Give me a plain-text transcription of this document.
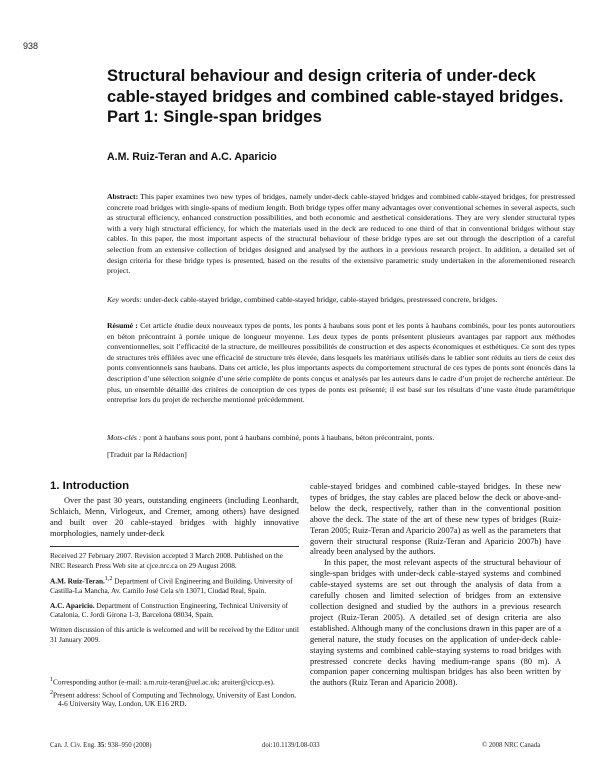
938
Structural behaviour and design criteria of under-deck cable-stayed bridges and combined cable-stayed bridges. Part 1: Single-span bridges
A.M. Ruiz-Teran and A.C. Aparicio

Abstract: This paper examines two new types of bridges, namely under-deck cable-stayed bridges and combined cable-stayed bridges, for prestressed concrete road bridges with single-spans of medium length. Both bridge types offer many advantages over conventional schemes in several aspects, such as structural efficiency, enhanced construction possibilities, and both economic and aesthetical considerations. They are very slender structural types with a very high structural efficiency, for which the materials used in the deck are reduced to one third of that in conventional bridges without stay cables. In this paper, the most important aspects of the structural behaviour of these bridge types are set out through the description of a careful selection from an extensive collection of bridges designed and analysed by the authors in a previous research project. In addition, a detailed set of design criteria for these bridge types is presented, based on the results of the extensive parametric study undertaken in the aforementioned research project.

Key words: under-deck cable-stayed bridge, combined cable-stayed bridge, cable-stayed bridges, prestressed concrete, bridges.

Résumé : Cet article étudie deux nouveaux types de ponts, les ponts à haubans sous pont et les ponts à haubans combinés, pour les ponts autoroutiers en béton précontraint à portée unique de longueur moyenne. Les deux types de ponts présentent plusieurs avantages par rapport aux méthodes conventionnelles, soit l’efficacité de la structure, de meilleures possibilités de construction et des aspects économiques et esthétiques. Ce sont des types de structures très effilées avec une efficacité de structure très élevée, dans lesquels les matériaux utilisés dans le tablier sont réduits au tiers de ceux des ponts conventionnels sans haubans. Dans cet article, les plus importants aspects du comportement structural de ces types de ponts sont énoncés dans la description d’une sélection soignée d’une série complète de ponts conçus et analysés par les auteurs dans le cadre d’un projet de recherche antérieur. De plus, un ensemble détaillé des critères de conception de ces types de ponts est présenté; il est basé sur les résultats d’une vaste étude paramétrique entreprise lors du projet de recherche mentionné précédemment.

Mots-clés : pont à haubans sous pont, pont à haubans combiné, ponts à haubans, béton précontraint, ponts.

[Traduit par la Rédaction]
1. Introduction

Over the past 30 years, outstanding engineers (including Leonhardt, Schlaich, Menn, Virlogeux, and Cremer, among others) have designed and built over 20 cable-stayed bridges with highly innovative morphologies, namely under-deck

Received 27 February 2007. Revision accepted 3 March 2008. Published on the NRC Research Press Web site at cjce.nrc.ca on 29 August 2008.

A.M. Ruiz-Teran.$^{1,2}$ Department of Civil Engineering and Building, University of Castilla-La Mancha, Av. Camilo José Cela s/n 13071, Ciudad Real, Spain.

A.C. Aparicio. Department of Construction Engineering, Technical University of Catalonia, C. Jordi Girona 1-3, Barcelona 08034, Spain.

Written discussion of this article is welcomed and will be received by the Editor until 31 January 2009.

$^1$Corresponding author (e-mail: a.m.ruiz-teran@uel.ac.uk; aruiter@ciccp.es).

$^2$Present address: School of Computing and Technology, University of East London, 4-6 University Way, London, UK E16 2RD.

cable-stayed bridges and combined cable-stayed bridges. In these new types of bridges, the stay cables are placed below the deck or above-and-below the deck, respectively, rather than in the conventional position above the deck. The state of the art of these new types of bridges (Ruiz-Teran 2005; Ruiz-Teran and Aparicio 2007a) as well as the parameters that govern their structural response (Ruiz-Teran and Aparicio 2007b) have already been analysed by the authors.

In this paper, the most relevant aspects of the structural behaviour of single-span bridges with under-deck cable-stayed systems and combined cable-stayed systems are set out through the analysis of data from a carefully chosen and limited selection of bridges from an extensive collection designed and studied by the authors in a previous research project (Ruiz-Teran 2005). A detailed set of design criteria are also established. Although many of the conclusions drawn in this paper are of a general nature, the study focuses on the application of under-deck cable-staying systems and combined cable-staying systems to road bridges with prestressed concrete decks having medium-range spans (80 m). A companion paper concerning multispan bridges has also been written by the authors (Ruiz Teran and Aparicio 2008).

Can. J. Civ. Eng. 35: 938–950 (2008)	doi:10.1139/L08-033	© 2008 NRC Canada
